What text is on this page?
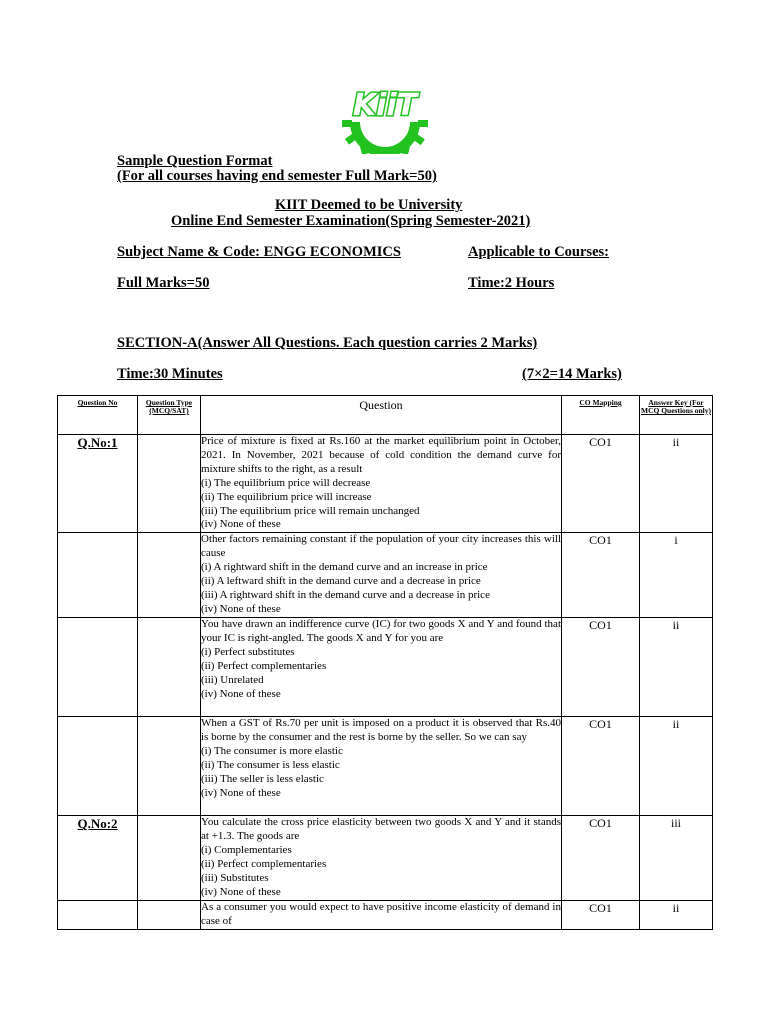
KiiT
Sample Question Format
(For all courses having end semester Full Mark=50)
KIIT Deemed to be University
Online End Semester Examination(Spring Semester-2021)
Subject Name & Code: ENGG ECONOMICS	Applicable to Courses:
Full Marks=50	Time:2 Hours
SECTION-A(Answer All Questions. Each question carries 2 Marks)
Time:30 Minutes	(7×2=14 Marks)
Question No	Question Type (MCQ/SAT)	Question	CO Mapping	Answer Key (For MCQ Questions only)
Q.No:1		Price of mixture is fixed at Rs.160 at the market equilibrium point in October, 2021. In November, 2021 because of cold condition the demand curve for mixture shifts to the right, as a result
(i) The equilibrium price will decrease
(ii) The equilibrium price will increase
(iii) The equilibrium price will remain unchanged
(iv) None of these	CO1	ii
		Other factors remaining constant if the population of your city increases this will cause
(i) A rightward shift in the demand curve and an increase in price
(ii) A leftward shift in the demand curve and a decrease in price
(iii) A rightward shift in the demand curve and a decrease in price
(iv) None of these	CO1	i
		You have drawn an indifference curve (IC) for two goods X and Y and found that your IC is right-angled. The goods X and Y for you are
(i) Perfect substitutes
(ii) Perfect complementaries
(iii) Unrelated
(iv) None of these	CO1	ii
		When a GST of Rs.70 per unit is imposed on a product it is observed that Rs.40 is borne by the consumer and the rest is borne by the seller. So we can say
(i) The consumer is more elastic
(ii) The consumer is less elastic
(iii) The seller is less elastic
(iv) None of these	CO1	ii
Q.No:2		You calculate the cross price elasticity between two goods X and Y and it stands at +1.3. The goods are
(i) Complementaries
(ii) Perfect complementaries
(iii) Substitutes
(iv) None of these	CO1	iii
		As a consumer you would expect to have positive income elasticity of demand in case of	CO1	ii
